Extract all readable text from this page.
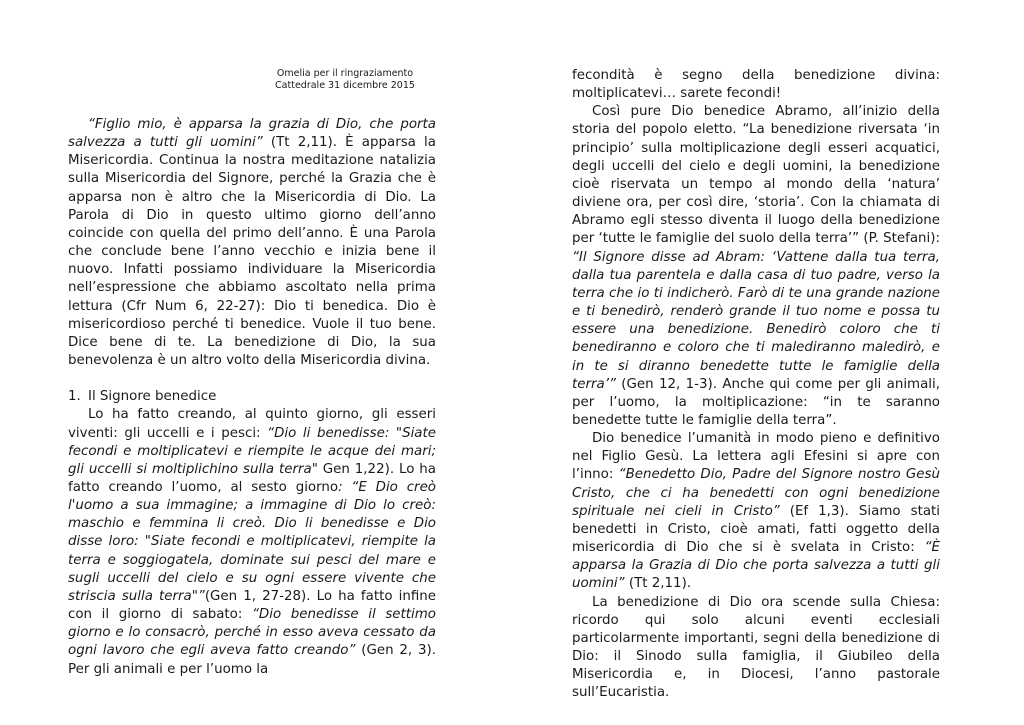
Omelia per il ringraziamento
Cattedrale 31 dicembre 2015

“Figlio mio, è apparsa la grazia di Dio, che porta salvezza a tutti gli uomini” (Tt 2,11). È apparsa la Misericordia. Continua la nostra meditazione natalizia sulla Misericordia del Signore, perché la Grazia che è apparsa non è altro che la Misericordia di Dio. La Parola di Dio in questo ultimo giorno dell’anno coincide con quella del primo dell’anno. È una Parola che conclude bene l’anno vecchio e inizia bene il nuovo. Infatti possiamo individuare la Misericordia nell’espressione che abbiamo ascoltato nella prima lettura (Cfr Num 6, 22-27): Dio ti benedica. Dio è misericordioso perché ti benedice. Vuole il tuo bene. Dice bene di te. La benedizione di Dio, la sua benevolenza è un altro volto della Misericordia divina.

1. Il Signore benedice

Lo ha fatto creando, al quinto giorno, gli esseri viventi: gli uccelli e i pesci: “Dio li benedisse: "Siate fecondi e moltiplicatevi e riempite le acque dei mari; gli uccelli si moltiplichino sulla terra" Gen 1,22). Lo ha fatto creando l’uomo, al sesto giorno: “E Dio creò l'uomo a sua immagine; a immagine di Dio lo creò: maschio e femmina li creò. Dio li benedisse e Dio disse loro: "Siate fecondi e moltiplicatevi, riempite la terra e soggiogatela, dominate sui pesci del mare e sugli uccelli del cielo e su ogni essere vivente che striscia sulla terra"”(Gen 1, 27-28). Lo ha fatto infine con il giorno di sabato: “Dio benedisse il settimo giorno e lo consacrò, perché in esso aveva cessato da ogni lavoro che egli aveva fatto creando” (Gen 2, 3). Per gli animali e per l’uomo la

fecondità è segno della benedizione divina: moltiplicatevi… sarete fecondi!

Così pure Dio benedice Abramo, all’inizio della storia del popolo eletto. “La benedizione riversata ‘in principio’ sulla moltiplicazione degli esseri acquatici, degli uccelli del cielo e degli uomini, la benedizione cioè riservata un tempo al mondo della ‘natura’ diviene ora, per così dire, ‘storia’. Con la chiamata di Abramo egli stesso diventa il luogo della benedizione per ‘tutte le famiglie del suolo della terra’” (P. Stefani): “Il Signore disse ad Abram: ‘Vattene dalla tua terra, dalla tua parentela e dalla casa di tuo padre, verso la terra che io ti indicherò. Farò di te una grande nazione e ti benedirò, renderò grande il tuo nome e possa tu essere una benedizione. Benedirò coloro che ti benediranno e coloro che ti malediranno maledirò, e in te si diranno benedette tutte le famiglie della terra’” (Gen 12, 1-3). Anche qui come per gli animali, per l’uomo, la moltiplicazione: “in te saranno benedette tutte le famiglie della terra”.

Dio benedice l’umanità in modo pieno e definitivo nel Figlio Gesù. La lettera agli Efesini si apre con l’inno: “Benedetto Dio, Padre del Signore nostro Gesù Cristo, che ci ha benedetti con ogni benedizione spirituale nei cieli in Cristo” (Ef 1,3). Siamo stati benedetti in Cristo, cioè amati, fatti oggetto della misericordia di Dio che si è svelata in Cristo: “È apparsa la Grazia di Dio che porta salvezza a tutti gli uomini” (Tt 2,11).

La benedizione di Dio ora scende sulla Chiesa: ricordo qui solo alcuni eventi ecclesiali particolarmente importanti, segni della benedizione di Dio: il Sinodo sulla famiglia, il Giubileo della Misericordia e, in Diocesi, l’anno pastorale sull’Eucaristia.
